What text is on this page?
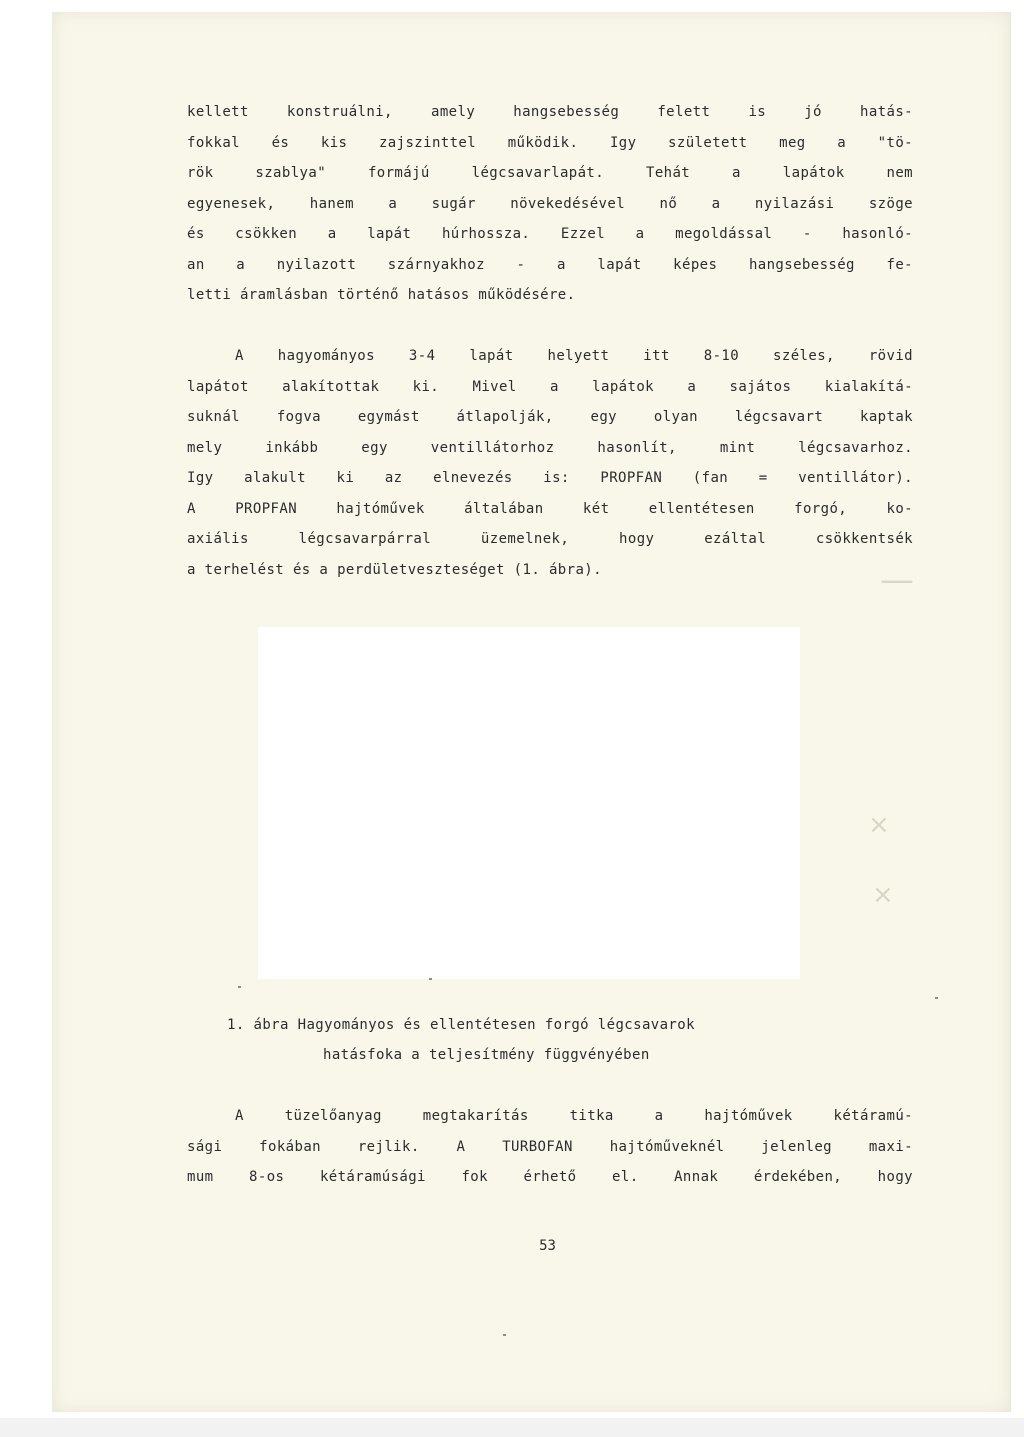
—
×
×
kellett konstruálni, amely hangsebesség felett is jó hatás-
fokkal és kis zajszinttel működik. Igy született meg a "tö-
rök szablya" formájú légcsavarlapát. Tehát a lapátok nem
egyenesek, hanem a sugár növekedésével nő a nyilazási szöge
és csökken a lapát húrhossza. Ezzel a megoldással - hasonló-
an a nyilazott szárnyakhoz - a lapát képes hangsebesség fe-
letti áramlásban történő hatásos működésére.
A hagyományos 3-4 lapát helyett itt 8-10 széles, rövid
lapátot alakítottak ki. Mivel a lapátok a sajátos kialakítá-
suknál fogva egymást átlapolják, egy olyan légcsavart kaptak
mely inkább egy ventillátorhoz hasonlít, mint légcsavarhoz.
Igy alakult ki az elnevezés is: PROPFAN (fan = ventillátor).
A PROPFAN hajtóművek általában két ellentétesen forgó, ko-
axiális légcsavarpárral üzemelnek, hogy ezáltal csökkentsék
a terhelést és a perdületveszteséget (1. ábra).
1. ábra Hagyományos és ellentétesen forgó légcsavarok
hatásfoka a teljesítmény függvényében
A tüzelőanyag megtakarítás titka a hajtóművek kétáramú-
sági fokában rejlik. A TURBOFAN hajtóműveknél jelenleg maxi-
mum 8-os kétáramúsági fok érhető el. Annak érdekében, hogy
53
